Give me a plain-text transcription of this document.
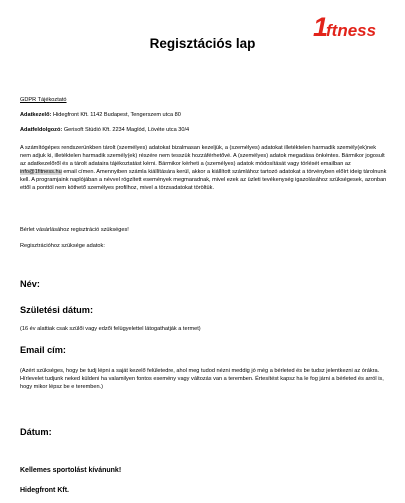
1
ftness
Regisztációs lap
GDPR Tájékoztató
Adatkezelő: Hidegfront Kft. 1142 Budapest, Tengerszem utca 80
Adatfeldolgozó: Gerisoft Stúdió Kft. 2234 Maglód, Lövéte utca 30/4

A számítógépes rendszerünkben tárolt (személyes) adatokat bizalmasan kezeljük, a (személyes) adatokat illetéktelen harmadik személy(ek)nek nem adjuk ki, illetéktelen harmadik személy(ek) részére nem tesszük hozzáférhetővé. A (személyes) adatok megadása önkéntes. Bármikor jogosult az adatkezelőről és a tárolt adataira tájékoztatást kérni. Bármikor kérheti a (személyes) adatok módosítását vagy törlését emailban az info@1fitness.hu email címen. Amennyiben számla kiállítására kerül, akkor a kiállított számlához tartozó adatokat a törvényben előírt ideig tárolnunk kell. A programjaink naplójában a névvel rögzített események megmaradnak, mivel ezek az üzleti tevékenység igazolásához szükségesek, azonban ettől a ponttól nem köthető személyes profilhoz, mivel a törzsadatokat töröltük.

Bérlet vásárlásához regisztráció szükséges!
Regisztrációhoz szüksége adatok:

Név:

Születési dátum:

(16 év alattiak csak szülői vagy edzői felügyelettel látogathatják a termet)

Email cím:

(Azért szükséges, hogy be tudj lépni a saját kezelő felületedre, ahol meg tudod nézni meddig jó még a bérleted és be tudsz jelentkezni az órákra. Hírlevelet tudjunk neked küldeni ha valamilyen fontos esemény vagy változás van a teremben. Értesítést kapsz ha le fog járni a bérleted és arról is, hogy mikor lépsz be e teremben.)

Dátum:

Kellemes sportolást kívánunk!

Hidegfront Kft.
